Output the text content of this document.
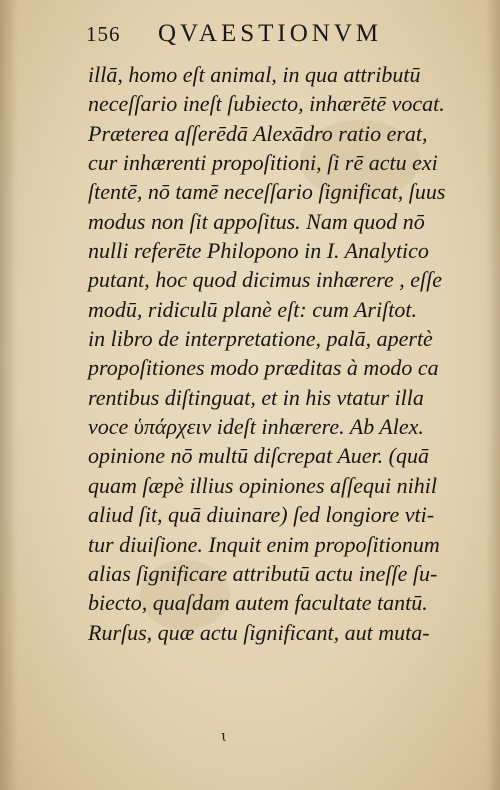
156 QVAESTIONVM
illā, homo eſt animal, in qua attributū
neceſſario ineſt ſubiecto, inhærētē vocat.
Præterea aſſerēdā Alexādro ratio erat,
cur inhærenti propoſitioni, ſi rē actu exi
ſtentē, nō tamē neceſſario ſignificat, ſuus
modus non ſit appoſitus. Nam quod nō
nulli referēte Philopono in I. Analytico
putant, hoc quod dicimus inhærere , eſſe
modū, ridiculū planè eſt: cum Ariſtot.
in libro de interpretatione, palā, apertè
propoſitiones modo præditas à modo ca
rentibus diſtinguat, et in his vtatur illa
voce ὑπάρχειν ideſt inhærere. Ab Alex.
opinione nō multū diſcrepat Auer. (quā
quam ſæpè illius opiniones aſſequi nihil
aliud ſit, quā diuinare) ſed longiore vti-
tur diuiſione. Inquit enim propoſitionum
alias ſignificare attributū actu ineſſe ſu-
biecto, quaſdam autem facultate tantū.
Rurſus, quæ actu ſignificant, aut muta-
ɩ
